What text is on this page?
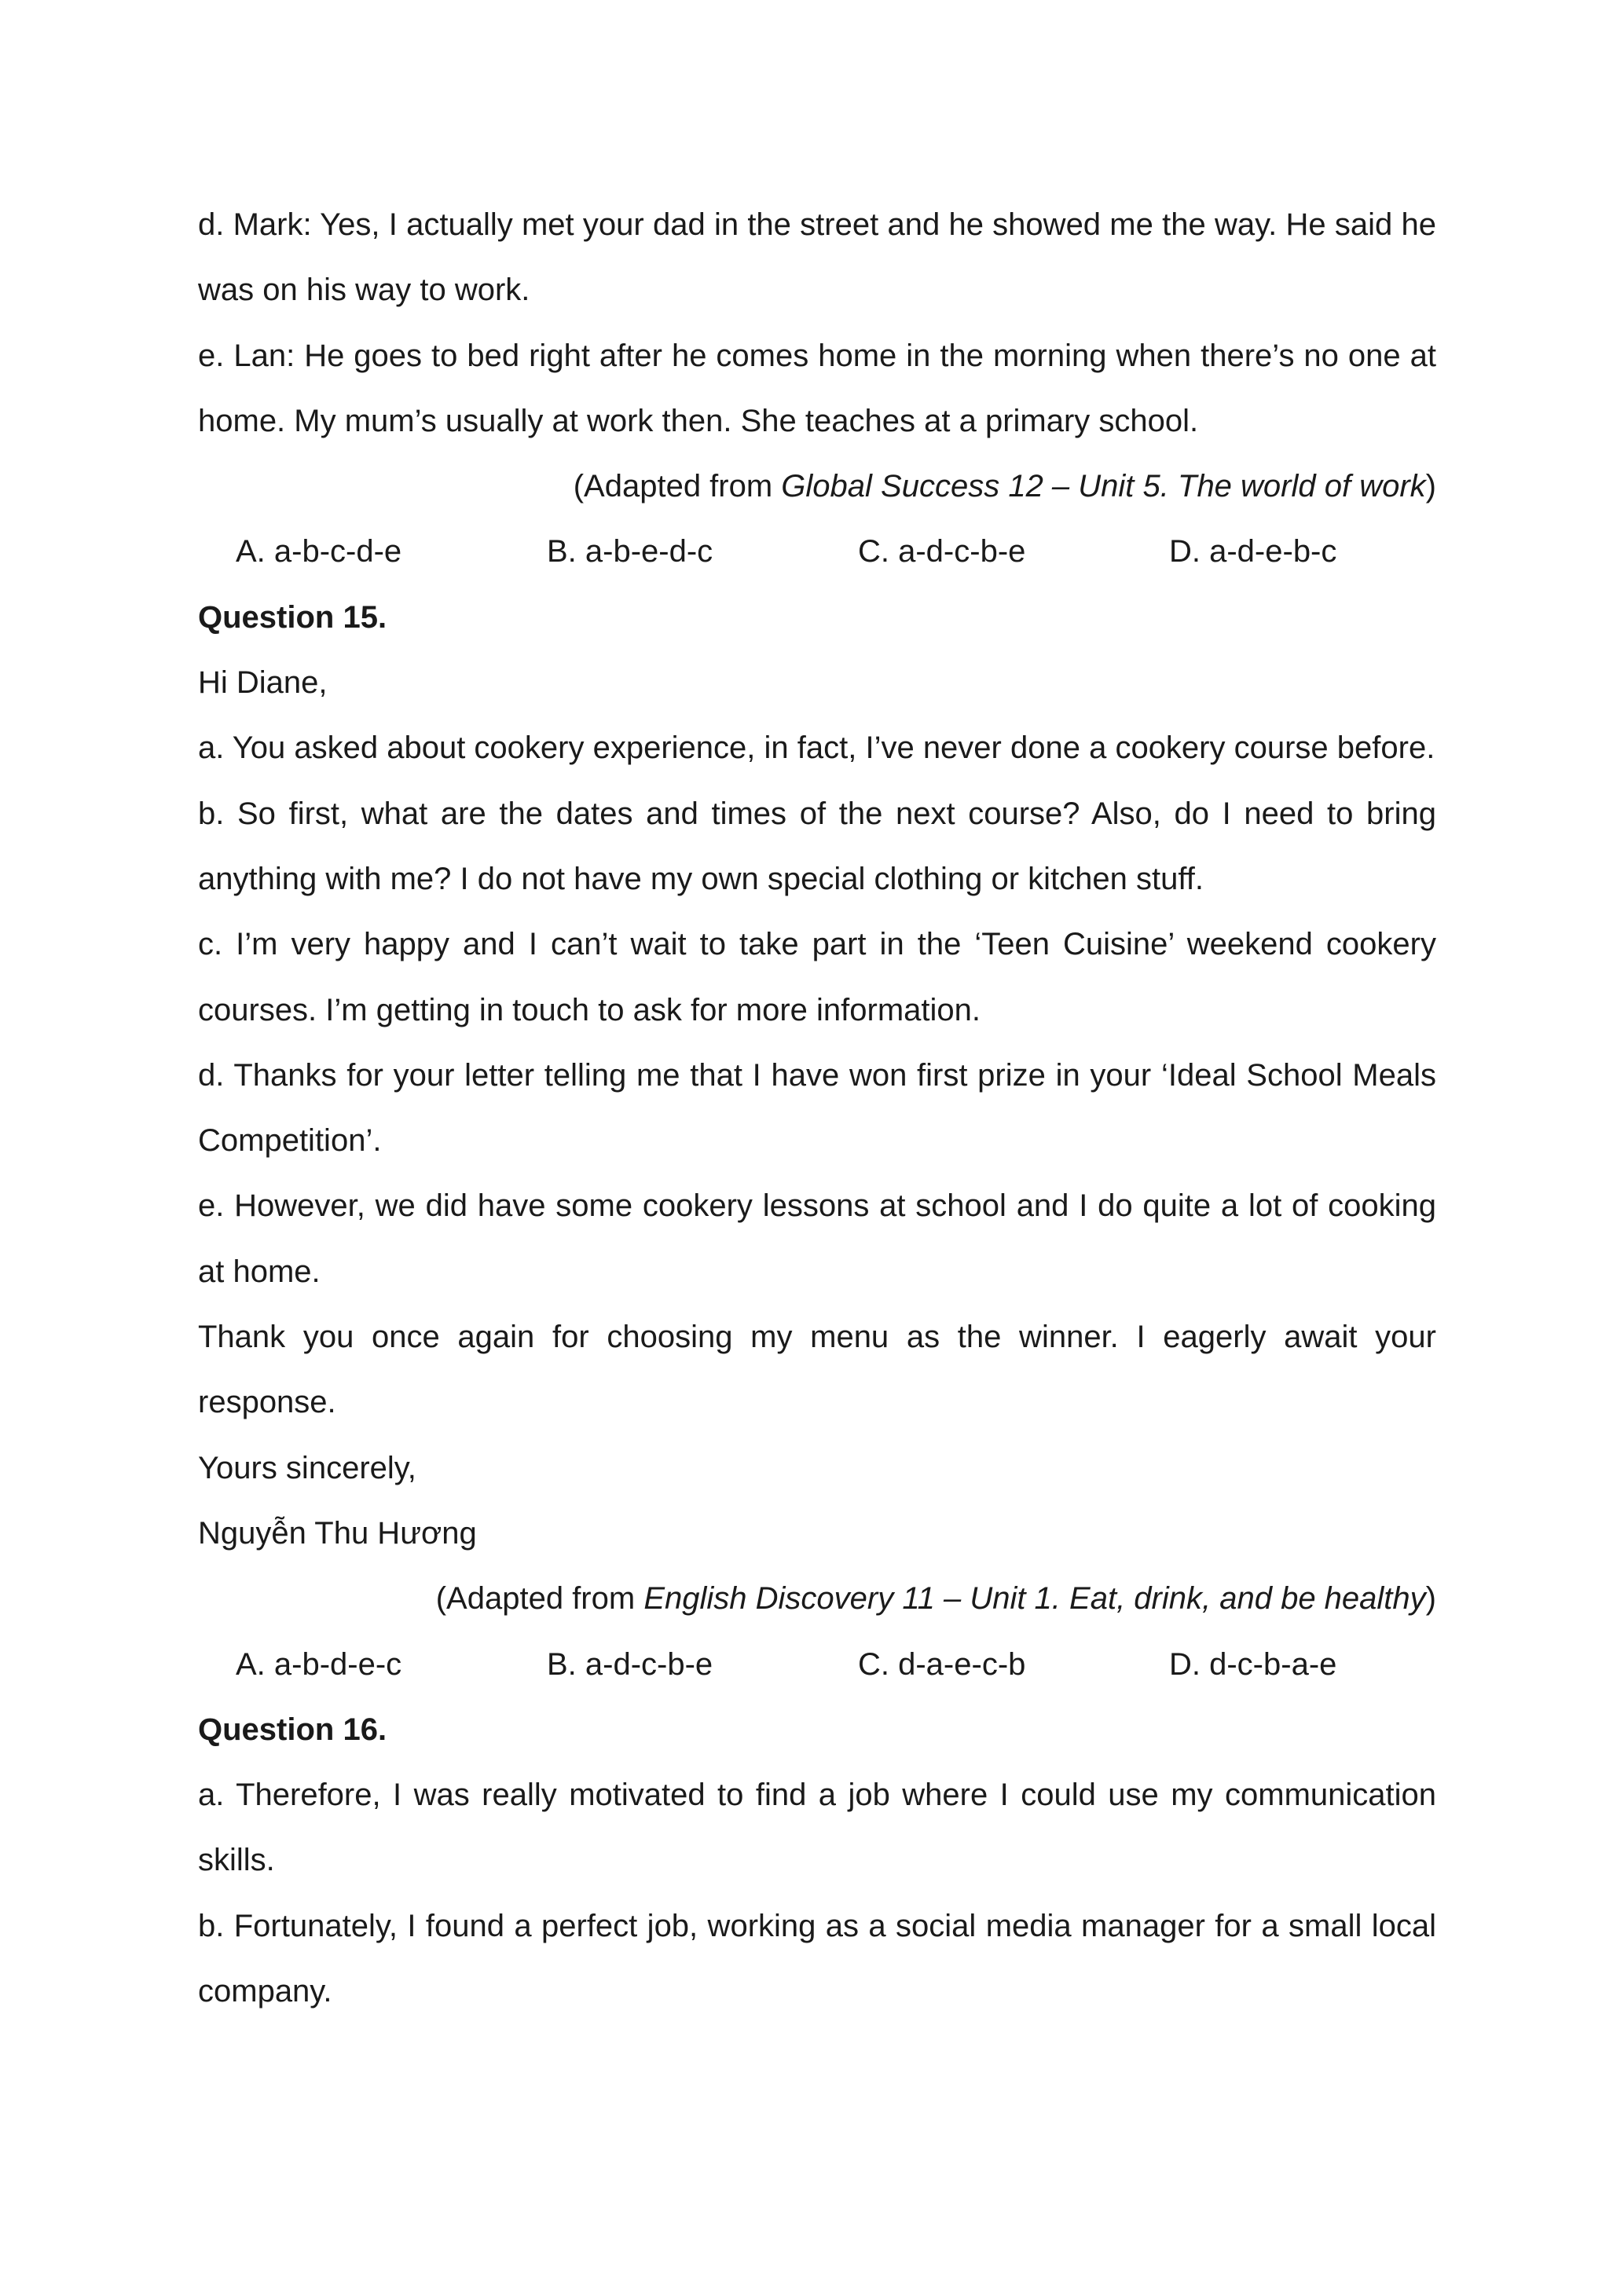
d. Mark: Yes, I actually met your dad in the street and he showed me the way. He said he was on his way to work.

e. Lan: He goes to bed right after he comes home in the morning when there’s no one at home. My mum’s usually at work then. She teaches at a primary school.

(Adapted from Global Success 12 – Unit 5. The world of work)

A. a-b-c-d-e	B. a-b-e-d-c	C. a-d-c-b-e	D. a-d-e-b-c

Question 15.

Hi Diane,

a. You asked about cookery experience, in fact, I’ve never done a cookery course before.

b. So first, what are the dates and times of the next course? Also, do I need to bring anything with me? I do not have my own special clothing or kitchen stuff.

c. I’m very happy and I can’t wait to take part in the ‘Teen Cuisine’ weekend cookery courses. I’m getting in touch to ask for more information.

d. Thanks for your letter telling me that I have won first prize in your ‘Ideal School Meals Competition’.

e. However, we did have some cookery lessons at school and I do quite a lot of cooking at home.

Thank you once again for choosing my menu as the winner. I eagerly await your response.

Yours sincerely,

Nguyễn Thu Hương

(Adapted from English Discovery 11 – Unit 1. Eat, drink, and be healthy)

A. a-b-d-e-c	B. a-d-c-b-e	C. d-a-e-c-b	D. d-c-b-a-e

Question 16.

a. Therefore, I was really motivated to find a job where I could use my communication skills.

b. Fortunately, I found a perfect job, working as a social media manager for a small local company.
